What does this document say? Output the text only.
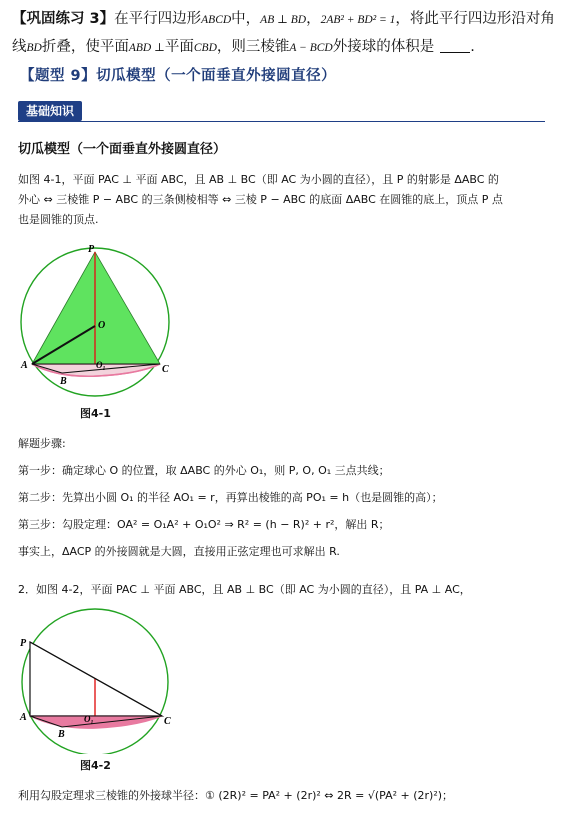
【巩固练习 3】在平行四边形ABCD中，AB ⊥ BD，2AB² + BD² = 1，将此平行四边形沿对角线BD折叠，使平面ABD ⊥平面CBD，则三棱锥A − BCD外接球的体积是 .
【题型 9】切瓜模型（一个面垂直外接圆直径）
基础知识
切瓜模型（一个面垂直外接圆直径）
如图 4-1，平面 PAC ⊥ 平面 ABC，且 AB ⊥ BC（即 AC 为小圆的直径），且 P 的射影是 ΔABC 的
外心 ⇔ 三棱锥 P − ABC 的三条侧棱相等 ⇔ 三棱 P − ABC 的底面 ΔABC 在圆锥的底上，顶点 P 点
也是圆锥的顶点.
P
O
O₁
A
B
C
图4-1
解题步骤:
第一步：确定球心 O 的位置，取 ΔABC 的外心 O₁，则 P, O, O₁ 三点共线；
第二步：先算出小圆 O₁ 的半径 AO₁ = r，再算出棱锥的高 PO₁ = h（也是圆锥的高）；
第三步：勾股定理：OA² = O₁A² + O₁O² ⇒ R² = (h − R)² + r²，解出 R；
事实上，ΔACP 的外接圆就是大圆，直接用正弦定理也可求解出 R.
2．如图 4-2，平面 PAC ⊥ 平面 ABC，且 AB ⊥ BC（即 AC 为小圆的直径），且 PA ⊥ AC，
P
A	O₁
B
C
图4-2
利用勾股定理求三棱锥的外接球半径：① (2R)² = PA² + (2r)² ⇔ 2R = √(PA² + (2r)²)；
